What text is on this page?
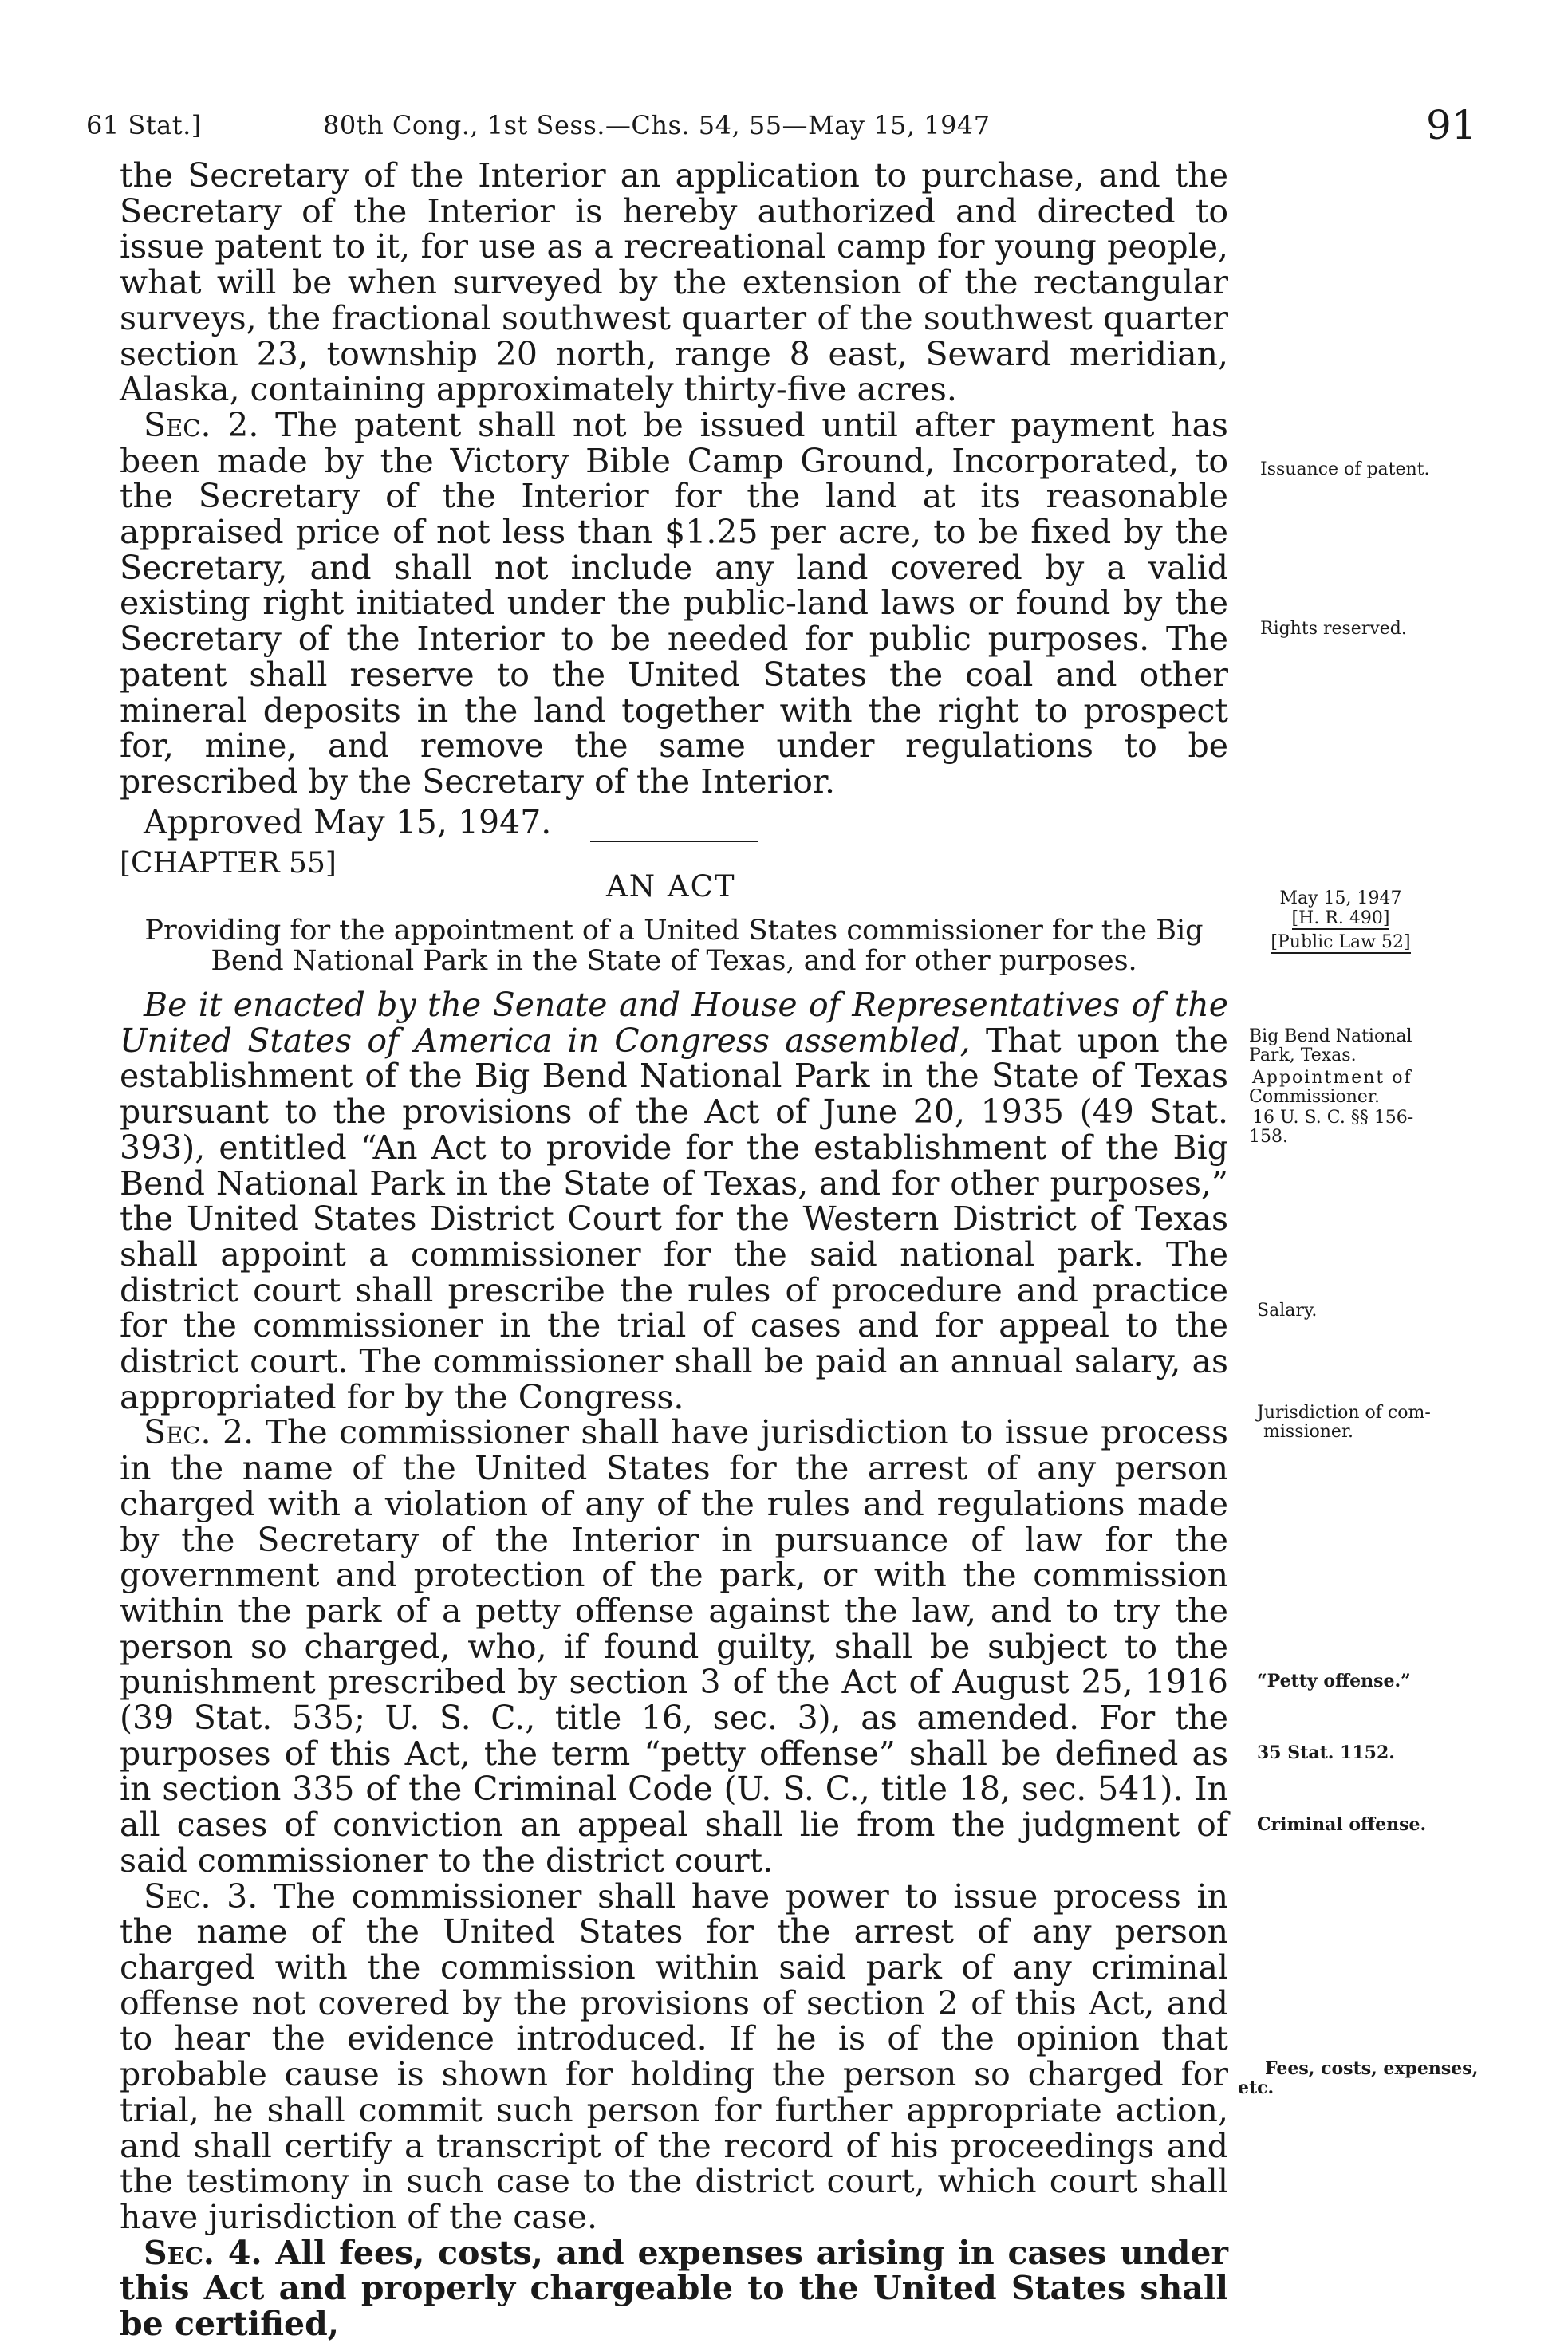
61 Stat.]	80th Cong., 1st Sess.—Chs. 54, 55—May 15, 1947	91

the Secretary of the Interior an application to purchase, and the Secretary of the Interior is hereby authorized and directed to issue patent to it, for use as a recreational camp for young people, what will be when surveyed by the extension of the rectangular surveys, the fractional southwest quarter of the southwest quarter section 23, township 20 north, range 8 east, Seward meridian, Alaska, containing approximately thirty-five acres.

Sec. 2. The patent shall not be issued until after payment has been made by the Victory Bible Camp Ground, Incorporated, to the Secretary of the Interior for the land at its reasonable appraised price of not less than $1.25 per acre, to be fixed by the Secretary, and shall not include any land covered by a valid existing right initiated under the public-land laws or found by the Secretary of the Interior to be needed for public purposes. The patent shall reserve to the United States the coal and other mineral deposits in the land together with the right to prospect for, mine, and remove the same under regulations to be prescribed by the Secretary of the Interior.

Approved May 15, 1947.

[CHAPTER 55]
AN ACT
Providing for the appointment of a United States commissioner for the Big Bend National Park in the State of Texas, and for other purposes.

Be it enacted by the Senate and House of Representatives of the United States of America in Congress assembled, That upon the establishment of the Big Bend National Park in the State of Texas pursuant to the provisions of the Act of June 20, 1935 (49 Stat. 393), entitled “An Act to provide for the establishment of the Big Bend National Park in the State of Texas, and for other purposes,” the United States District Court for the Western District of Texas shall appoint a commissioner for the said national park. The district court shall prescribe the rules of procedure and practice for the commissioner in the trial of cases and for appeal to the district court. The commissioner shall be paid an annual salary, as appropriated for by the Congress.

Sec. 2. The commissioner shall have jurisdiction to issue process in the name of the United States for the arrest of any person charged with a violation of any of the rules and regulations made by the Secretary of the Interior in pursuance of law for the government and protection of the park, or with the commission within the park of a petty offense against the law, and to try the person so charged, who, if found guilty, shall be subject to the punishment prescribed by section 3 of the Act of August 25, 1916 (39 Stat. 535; U. S. C., title 16, sec. 3), as amended. For the purposes of this Act, the term “petty offense” shall be defined as in section 335 of the Criminal Code (U. S. C., title 18, sec. 541). In all cases of conviction an appeal shall lie from the judgment of said commissioner to the district court.

Sec. 3. The commissioner shall have power to issue process in the name of the United States for the arrest of any person charged with the commission within said park of any criminal offense not covered by the provisions of section 2 of this Act, and to hear the evidence introduced. If he is of the opinion that probable cause is shown for holding the person so charged for trial, he shall commit such person for further appropriate action, and shall certify a transcript of the record of his proceedings and the testimony in such case to the district court, which court shall have jurisdiction of the case.

Sec. 4. All fees, costs, and expenses arising in cases under this Act and properly chargeable to the United States shall be certified,

Issuance of patent.
Rights reserved.
May 15, 1947
[H. R. 490]
[Public Law 52]
Big Bend National
Park, Texas.
Appointment of
Commissioner.
16 U. S. C. §§ 156-
158.
Salary.
Jurisdiction of com-
missioner.
“Petty offense.”
35 Stat. 1152.
Criminal offense.
Fees, costs, expenses,
etc.
